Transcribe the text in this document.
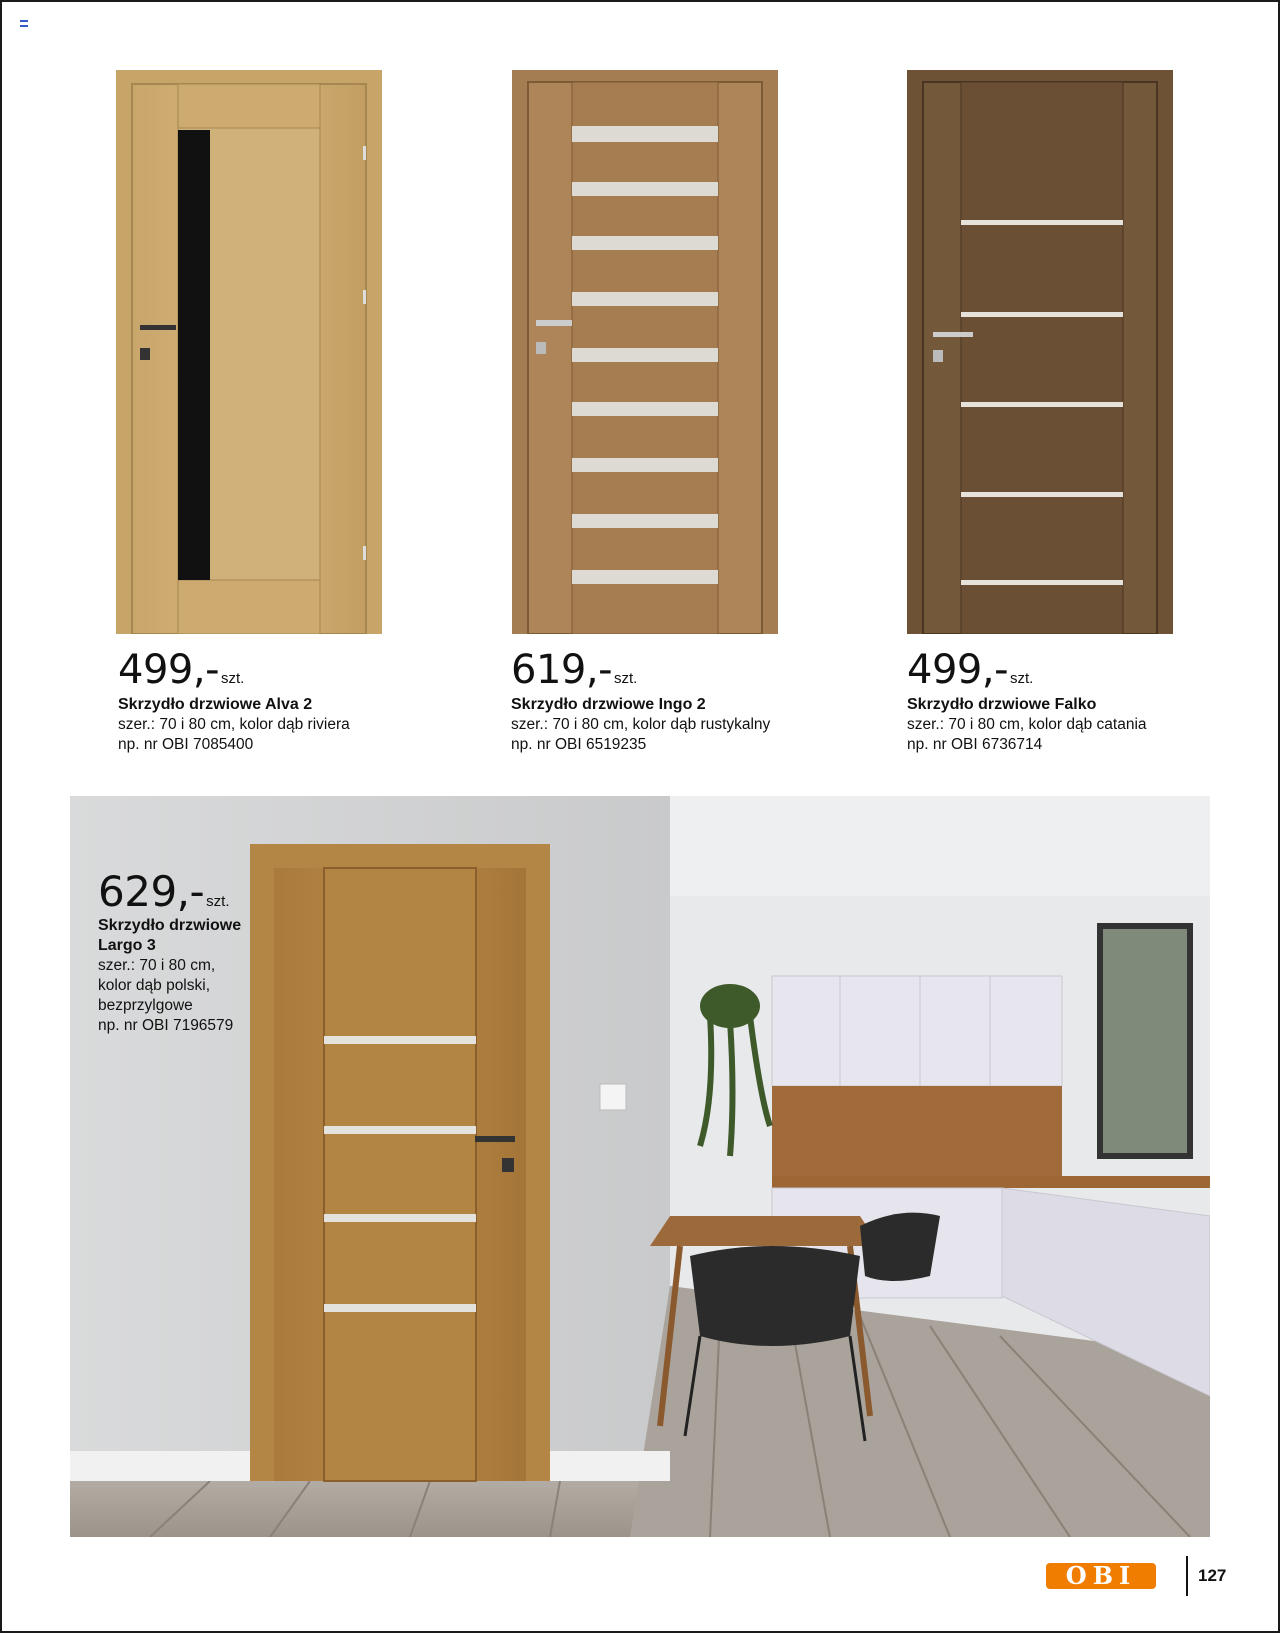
499,- szt.
Skrzydło drzwiowe Alva 2
szer.: 70 i 80 cm, kolor dąb riviera
np. nr OBI 7085400
619,- szt.
Skrzydło drzwiowe Ingo 2
szer.: 70 i 80 cm, kolor dąb rustykalny
np. nr OBI 6519235
499,- szt.
Skrzydło drzwiowe Falko
szer.: 70 i 80 cm, kolor dąb catania
np. nr OBI 6736714
629,- szt.
Skrzydło drzwiowe Largo 3
szer.: 70 i 80 cm, kolor dąb polski, bezprzylgowe
np. nr OBI 7196579
OBI	127
